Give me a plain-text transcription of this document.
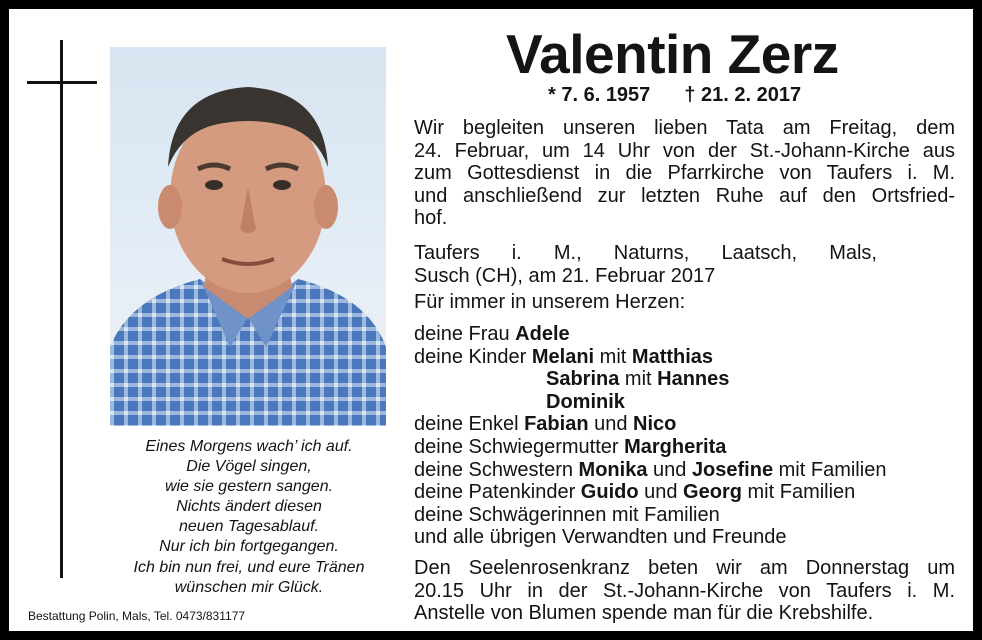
Eines Morgens wach’ ich auf.
Die Vögel singen,
wie sie gestern sangen.
Nichts ändert diesen
neuen Tagesablauf.
Nur ich bin fortgegangen.
Ich bin nun frei, und eure Tränen
wünschen mir Glück.
Bestattung Polin, Mals, Tel. 0473/831177
Valentin Zerz
* 7. 6. 1957 † 21. 2. 2017
Wir begleiten unseren lieben Tata am Freitag, dem
24. Februar, um 14 Uhr von der St.-Johann-Kirche aus
zum Gottesdienst in die Pfarrkirche von Taufers i. M.
und anschließend zur letzten Ruhe auf den Ortsfried-
hof.
Taufers i. M., Naturns, Laatsch, Mals,
Susch (CH), am 21. Februar 2017
Für immer in unserem Herzen:
deine Frau Adele
deine Kinder Melani mit Matthias
Sabrina mit Hannes
Dominik
deine Enkel Fabian und Nico
deine Schwiegermutter Margherita
deine Schwestern Monika und Josefine mit Familien
deine Patenkinder Guido und Georg mit Familien
deine Schwägerinnen mit Familien
und alle übrigen Verwandten und Freunde
Den Seelenrosenkranz beten wir am Donnerstag um
20.15 Uhr in der St.-Johann-Kirche von Taufers i. M.
Anstelle von Blumen spende man für die Krebshilfe.
